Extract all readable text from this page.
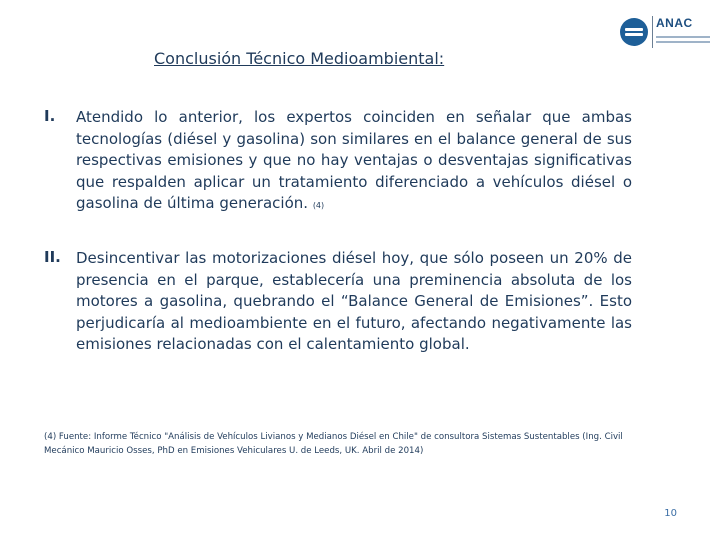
ANAC
Conclusión Técnico Medioambiental:
I.	Atendido lo anterior, los expertos coinciden en señalar que ambas tecnologías (diésel y gasolina) son similares en el balance general de sus respectivas emisiones y que no hay ventajas o desventajas significativas que respalden aplicar un tratamiento diferenciado a vehículos diésel o gasolina de última generación. (4)
II.	Desincentivar las motorizaciones diésel hoy, que sólo poseen un 20% de presencia en el parque, establecería una preminencia absoluta de los motores a gasolina, quebrando el “Balance General de Emisiones”. Esto perjudicaría al medioambiente en el futuro, afectando negativamente las emisiones relacionadas con el calentamiento global.
(4) Fuente: Informe Técnico "Análisis de Vehículos Livianos y Medianos Diésel en Chile" de consultora Sistemas Sustentables (Ing. Civil Mecánico Mauricio Osses, PhD en Emisiones Vehiculares U. de Leeds, UK. Abril de 2014)
10
